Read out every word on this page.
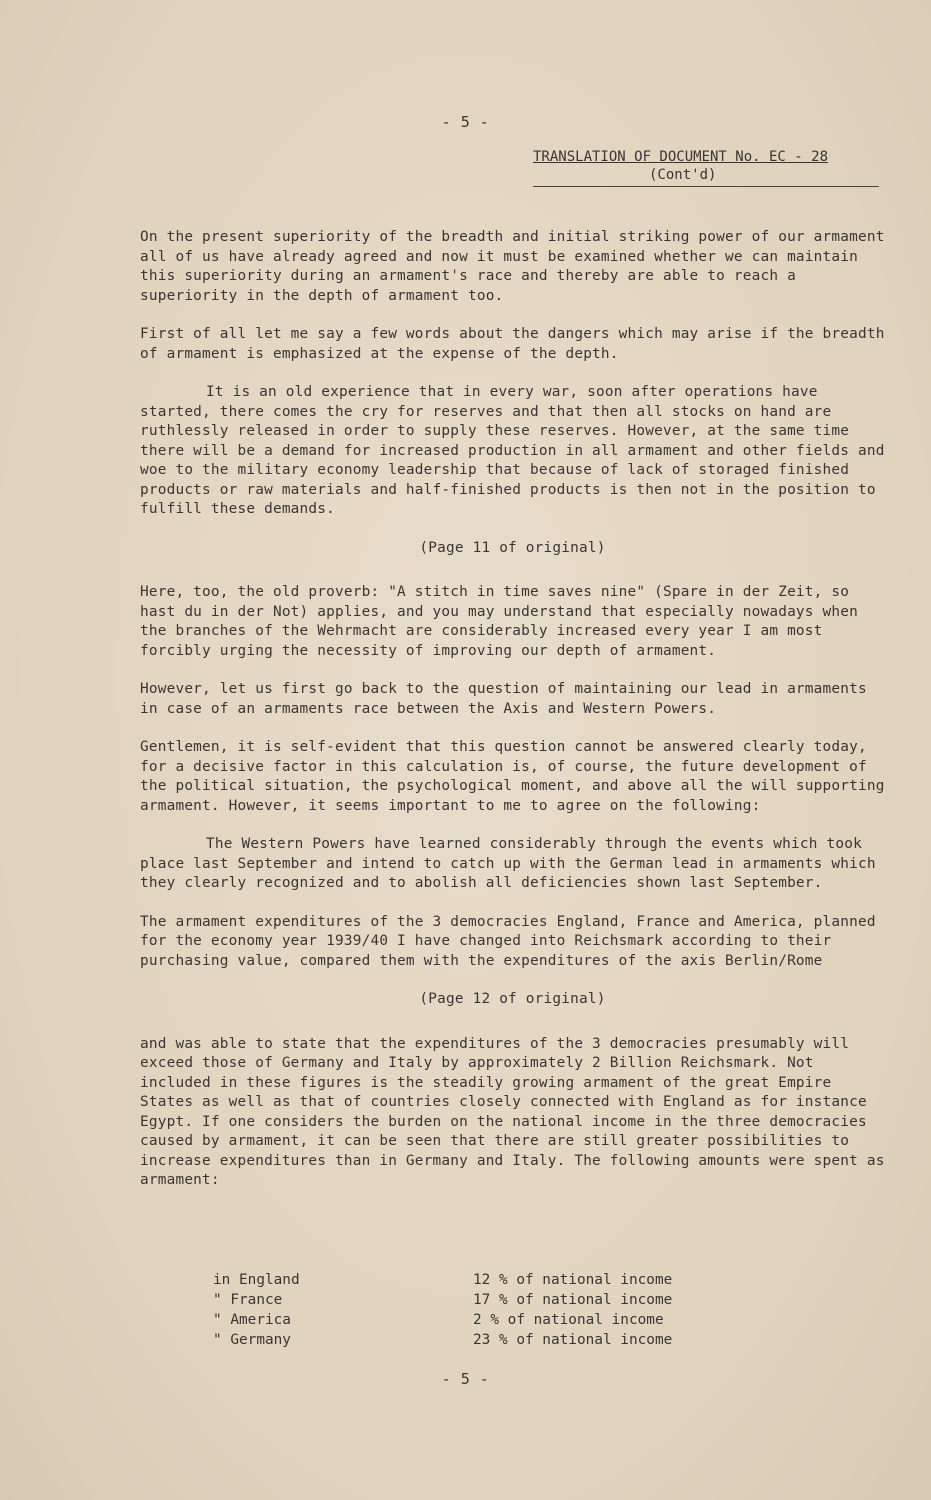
- 5 -

TRANSLATION OF DOCUMENT No. EC - 28

(Cont'd)

On the present superiority of the breadth and initial striking power of our armament all of us have already agreed and now it must be examined whether we can maintain this superiority during an armament's race and thereby are able to reach a superiority in the depth of armament too.

First of all let me say a few words about the dangers which may arise if the breadth of armament is emphasized at the expense of the depth.

It is an old experience that in every war, soon after operations have started, there comes the cry for reserves and that then all stocks on hand are ruthlessly released in order to supply these reserves. However, at the same time there will be a demand for increased production in all armament and other fields and woe to the military economy leadership that because of lack of storaged finished products or raw materials and half-finished products is then not in the position to fulfill these demands.

(Page 11 of original)

Here, too, the old proverb: "A stitch in time saves nine" (Spare in der Zeit, so hast du in der Not) applies, and you may understand that especially nowadays when the branches of the Wehrmacht are considerably increased every year I am most forcibly urging the necessity of improving our depth of armament.

However, let us first go back to the question of maintaining our lead in armaments in case of an armaments race between the Axis and Western Powers.

Gentlemen, it is self-evident that this question cannot be answered clearly today, for a decisive factor in this calculation is, of course, the future development of the political situation, the psychological moment, and above all the will supporting armament. However, it seems important to me to agree on the following:

The Western Powers have learned considerably through the events which took place last September and intend to catch up with the German lead in armaments which they clearly recognized and to abolish all deficiencies shown last September.

The armament expenditures of the 3 democracies England, France and America, planned for the economy year 1939/40 I have changed into Reichsmark according to their purchasing value, compared them with the expenditures of the axis Berlin/Rome

(Page 12 of original)

and was able to state that the expenditures of the 3 democracies presumably will exceed those of Germany and Italy by approximately 2 Billion Reichsmark. Not included in these figures is the steadily growing armament of the great Empire States as well as that of countries closely connected with England as for instance Egypt. If one considers the burden on the national income in the three democracies caused by armament, it can be seen that there are still greater possibilities to increase expenditures than in Germany and Italy. The following amounts were spent as armament:

in England	12 % of national income
" France	17 % of national income
" America	2 % of national income
" Germany	23 % of national income
- 5 -
